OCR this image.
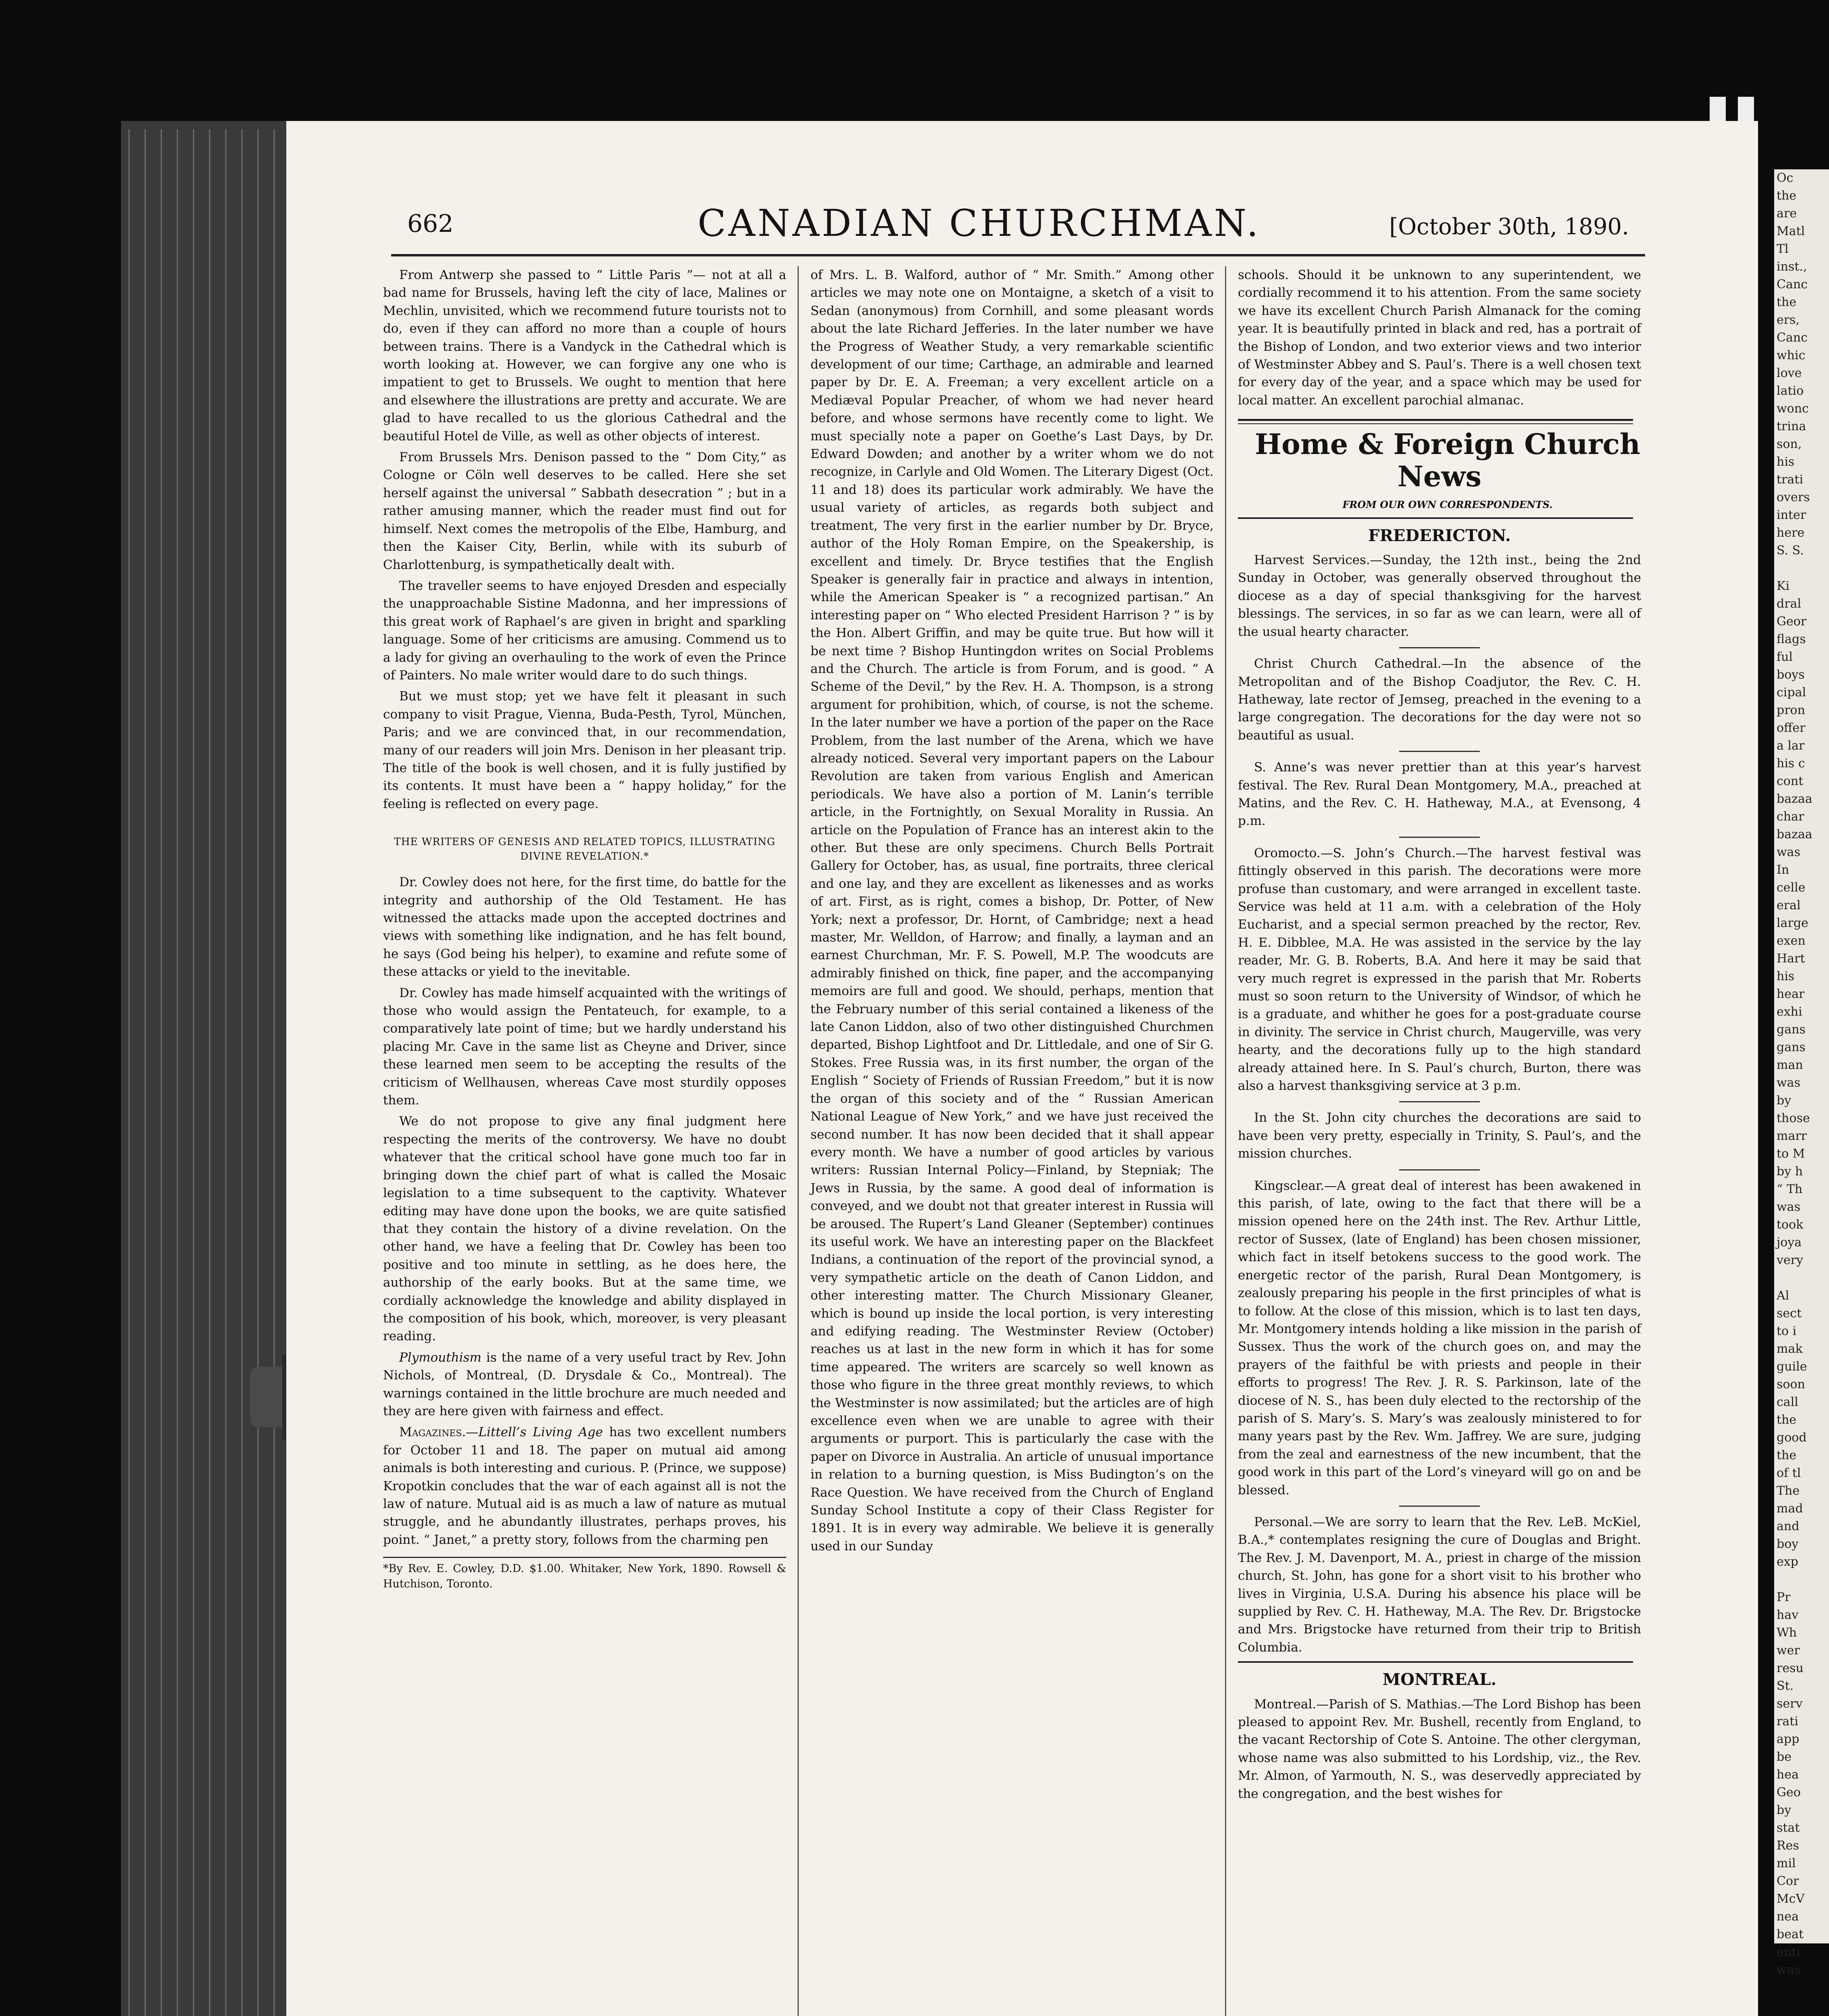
Oc
the
are
Matl
Tl
inst.,
Canc
the
ers,
Canc
whic
love
latio
wonc
trina
son,
his
trati
overs
inter
here
S. S.

Ki
dral
Geor
flags
ful
boys
cipal
pron
offer
a lar
his c
cont
bazaa
char
bazaa
was
In
celle
eral
large
exen
Hart
his
hear
exhi
gans
gans
man
was
by
those
marr
to M
by h
“ Th
was
took
joya
very

Al
sect
to i
mak
guile
soon
call
the
good
the
of tl
The
mad
and
boy
exp

Pr
hav
Wh
wer
resu
St.
serv
rati
app
be
hea
Geo
by
stat
Res
mil
Cor
McV
nea
beat
enti
was
662	CANADIAN CHURCHMAN.	[October 30th, 1890.

From Antwerp she passed to “ Little Paris ”— not at all a bad name for Brussels, having left the city of lace, Malines or Mechlin, unvisited, which we recommend future tourists not to do, even if they can afford no more than a couple of hours between trains. There is a Vandyck in the Cathedral which is worth looking at. However, we can forgive any one who is impatient to get to Brussels. We ought to mention that here and elsewhere the illustrations are pretty and accurate. We are glad to have recalled to us the glorious Cathedral and the beautiful Hotel de Ville, as well as other objects of interest.

From Brussels Mrs. Denison passed to the “ Dom City,” as Cologne or Cöln well deserves to be called. Here she set herself against the universal “ Sabbath desecration ” ; but in a rather amusing manner, which the reader must find out for himself. Next comes the metropolis of the Elbe, Hamburg, and then the Kaiser City, Berlin, while with its suburb of Charlottenburg, is sympathetically dealt with.

The traveller seems to have enjoyed Dresden and especially the unapproachable Sistine Madonna, and her impressions of this great work of Raphael’s are given in bright and sparkling language. Some of her criticisms are amusing. Commend us to a lady for giving an overhauling to the work of even the Prince of Painters. No male writer would dare to do such things.

But we must stop; yet we have felt it pleasant in such company to visit Prague, Vienna, Buda-Pesth, Tyrol, München, Paris; and we are convinced that, in our recommendation, many of our readers will join Mrs. Denison in her pleasant trip. The title of the book is well chosen, and it is fully justified by its contents. It must have been a “ happy holiday,” for the feeling is reflected on every page.

THE WRITERS OF GENESIS AND RELATED TOPICS, ILLUSTRATING DIVINE REVELATION.*

Dr. Cowley does not here, for the first time, do battle for the integrity and authorship of the Old Testament. He has witnessed the attacks made upon the accepted doctrines and views with something like indignation, and he has felt bound, he says (God being his helper), to examine and refute some of these attacks or yield to the inevitable.

Dr. Cowley has made himself acquainted with the writings of those who would assign the Pentateuch, for example, to a comparatively late point of time; but we hardly understand his placing Mr. Cave in the same list as Cheyne and Driver, since these learned men seem to be accepting the results of the criticism of Wellhausen, whereas Cave most sturdily opposes them.

We do not propose to give any final judgment here respecting the merits of the controversy. We have no doubt whatever that the critical school have gone much too far in bringing down the chief part of what is called the Mosaic legislation to a time subsequent to the captivity. Whatever editing may have done upon the books, we are quite satisfied that they contain the history of a divine revelation. On the other hand, we have a feeling that Dr. Cowley has been too positive and too minute in settling, as he does here, the authorship of the early books. But at the same time, we cordially acknowledge the knowledge and ability displayed in the composition of his book, which, moreover, is very pleasant reading.

Plymouthism is the name of a very useful tract by Rev. John Nichols, of Montreal, (D. Drysdale & Co., Montreal). The warnings contained in the little brochure are much needed and they are here given with fairness and effect.

Magazines.—Littell’s Living Age has two excellent numbers for October 11 and 18. The paper on mutual aid among animals is both interesting and curious. P. (Prince, we suppose) Kropotkin concludes that the war of each against all is not the law of nature. Mutual aid is as much a law of nature as mutual struggle, and he abundantly illustrates, perhaps proves, his point. “ Janet,” a pretty story, follows from the charming pen

*By Rev. E. Cowley, D.D. $1.00. Whitaker, New York, 1890. Rowsell & Hutchison, Toronto.

of Mrs. L. B. Walford, author of “ Mr. Smith.” Among other articles we may note one on Montaigne, a sketch of a visit to Sedan (anonymous) from Cornhill, and some pleasant words about the late Richard Jefferies. In the later number we have the Progress of Weather Study, a very remarkable scientific development of our time; Carthage, an admirable and learned paper by Dr. E. A. Freeman; a very excellent article on a Mediæval Popular Preacher, of whom we had never heard before, and whose sermons have recently come to light. We must specially note a paper on Goethe’s Last Days, by Dr. Edward Dowden; and another by a writer whom we do not recognize, in Carlyle and Old Women. The Literary Digest (Oct. 11 and 18) does its particular work admirably. We have the usual variety of articles, as regards both subject and treatment, The very first in the earlier number by Dr. Bryce, author of the Holy Roman Empire, on the Speakership, is excellent and timely. Dr. Bryce testifies that the English Speaker is generally fair in practice and always in intention, while the American Speaker is “ a recognized partisan.” An interesting paper on “ Who elected President Harrison ? ” is by the Hon. Albert Griffin, and may be quite true. But how will it be next time ? Bishop Huntingdon writes on Social Problems and the Church. The article is from Forum, and is good. “ A Scheme of the Devil,” by the Rev. H. A. Thompson, is a strong argument for prohibition, which, of course, is not the scheme. In the later number we have a portion of the paper on the Race Problem, from the last number of the Arena, which we have already noticed. Several very important papers on the Labour Revolution are taken from various English and American periodicals. We have also a portion of M. Lanin’s terrible article, in the Fortnightly, on Sexual Morality in Russia. An article on the Population of France has an interest akin to the other. But these are only specimens. Church Bells Portrait Gallery for October, has, as usual, fine portraits, three clerical and one lay, and they are excellent as likenesses and as works of art. First, as is right, comes a bishop, Dr. Potter, of New York; next a professor, Dr. Hornt, of Cambridge; next a head master, Mr. Welldon, of Harrow; and finally, a layman and an earnest Churchman, Mr. F. S. Powell, M.P. The woodcuts are admirably finished on thick, fine paper, and the accompanying memoirs are full and good. We should, perhaps, mention that the February number of this serial contained a likeness of the late Canon Liddon, also of two other distinguished Churchmen departed, Bishop Lightfoot and Dr. Littledale, and one of Sir G. Stokes. Free Russia was, in its first number, the organ of the English “ Society of Friends of Russian Freedom,” but it is now the organ of this society and of the “ Russian American National League of New York,” and we have just received the second number. It has now been decided that it shall appear every month. We have a number of good articles by various writers: Russian Internal Policy—Finland, by Stepniak; The Jews in Russia, by the same. A good deal of information is conveyed, and we doubt not that greater interest in Russia will be aroused. The Rupert’s Land Gleaner (September) continues its useful work. We have an interesting paper on the Blackfeet Indians, a continuation of the report of the provincial synod, a very sympathetic article on the death of Canon Liddon, and other interesting matter. The Church Missionary Gleaner, which is bound up inside the local portion, is very interesting and edifying reading. The Westminster Review (October) reaches us at last in the new form in which it has for some time appeared. The writers are scarcely so well known as those who figure in the three great monthly reviews, to which the Westminster is now assimilated; but the articles are of high excellence even when we are unable to agree with their arguments or purport. This is particularly the case with the paper on Divorce in Australia. An article of unusual importance in relation to a burning question, is Miss Budington’s on the Race Question. We have received from the Church of England Sunday School Institute a copy of their Class Register for 1891. It is in every way admirable. We believe it is generally used in our Sunday

schools. Should it be unknown to any superintendent, we cordially recommend it to his attention. From the same society we have its excellent Church Parish Almanack for the coming year. It is beautifully printed in black and red, has a portrait of the Bishop of London, and two exterior views and two interior of Westminster Abbey and S. Paul’s. There is a well chosen text for every day of the year, and a space which may be used for local matter. An excellent parochial almanac.

Home & Foreign Church News

FROM OUR OWN CORRESPONDENTS.

FREDERICTON.

Harvest Services.—Sunday, the 12th inst., being the 2nd Sunday in October, was generally observed throughout the diocese as a day of special thanksgiving for the harvest blessings. The services, in so far as we can learn, were all of the usual hearty character.

Christ Church Cathedral.—In the absence of the Metropolitan and of the Bishop Coadjutor, the Rev. C. H. Hatheway, late rector of Jemseg, preached in the evening to a large congregation. The decorations for the day were not so beautiful as usual.

S. Anne’s was never prettier than at this year’s harvest festival. The Rev. Rural Dean Montgomery, M.A., preached at Matins, and the Rev. C. H. Hatheway, M.A., at Evensong, 4 p.m.

Oromocto.—S. John’s Church.—The harvest festival was fittingly observed in this parish. The decorations were more profuse than customary, and were arranged in excellent taste. Service was held at 11 a.m. with a celebration of the Holy Eucharist, and a special sermon preached by the rector, Rev. H. E. Dibblee, M.A. He was assisted in the service by the lay reader, Mr. G. B. Roberts, B.A. And here it may be said that very much regret is expressed in the parish that Mr. Roberts must so soon return to the University of Windsor, of which he is a graduate, and whither he goes for a post-graduate course in divinity. The service in Christ church, Maugerville, was very hearty, and the decorations fully up to the high standard already attained here. In S. Paul’s church, Burton, there was also a harvest thanksgiving service at 3 p.m.

In the St. John city churches the decorations are said to have been very pretty, especially in Trinity, S. Paul’s, and the mission churches.

Kingsclear.—A great deal of interest has been awakened in this parish, of late, owing to the fact that there will be a mission opened here on the 24th inst. The Rev. Arthur Little, rector of Sussex, (late of England) has been chosen missioner, which fact in itself betokens success to the good work. The energetic rector of the parish, Rural Dean Montgomery, is zealously preparing his people in the first principles of what is to follow. At the close of this mission, which is to last ten days, Mr. Montgomery intends holding a like mission in the parish of Sussex. Thus the work of the church goes on, and may the prayers of the faithful be with priests and people in their efforts to progress! The Rev. J. R. S. Parkinson, late of the diocese of N. S., has been duly elected to the rectorship of the parish of S. Mary’s. S. Mary’s was zealously ministered to for many years past by the Rev. Wm. Jaffrey. We are sure, judging from the zeal and earnestness of the new incumbent, that the good work in this part of the Lord’s vineyard will go on and be blessed.

Personal.—We are sorry to learn that the Rev. LeB. McKiel, B.A.,* contemplates resigning the cure of Douglas and Bright. The Rev. J. M. Davenport, M. A., priest in charge of the mission church, St. John, has gone for a short visit to his brother who lives in Virginia, U.S.A. During his absence his place will be supplied by Rev. C. H. Hatheway, M.A. The Rev. Dr. Brigstocke and Mrs. Brigstocke have returned from their trip to British Columbia.

MONTREAL.

Montreal.—Parish of S. Mathias.—The Lord Bishop has been pleased to appoint Rev. Mr. Bushell, recently from England, to the vacant Rectorship of Cote S. Antoine. The other clergyman, whose name was also submitted to his Lordship, viz., the Rev. Mr. Almon, of Yarmouth, N. S., was deservedly appreciated by the congregation, and the best wishes for
